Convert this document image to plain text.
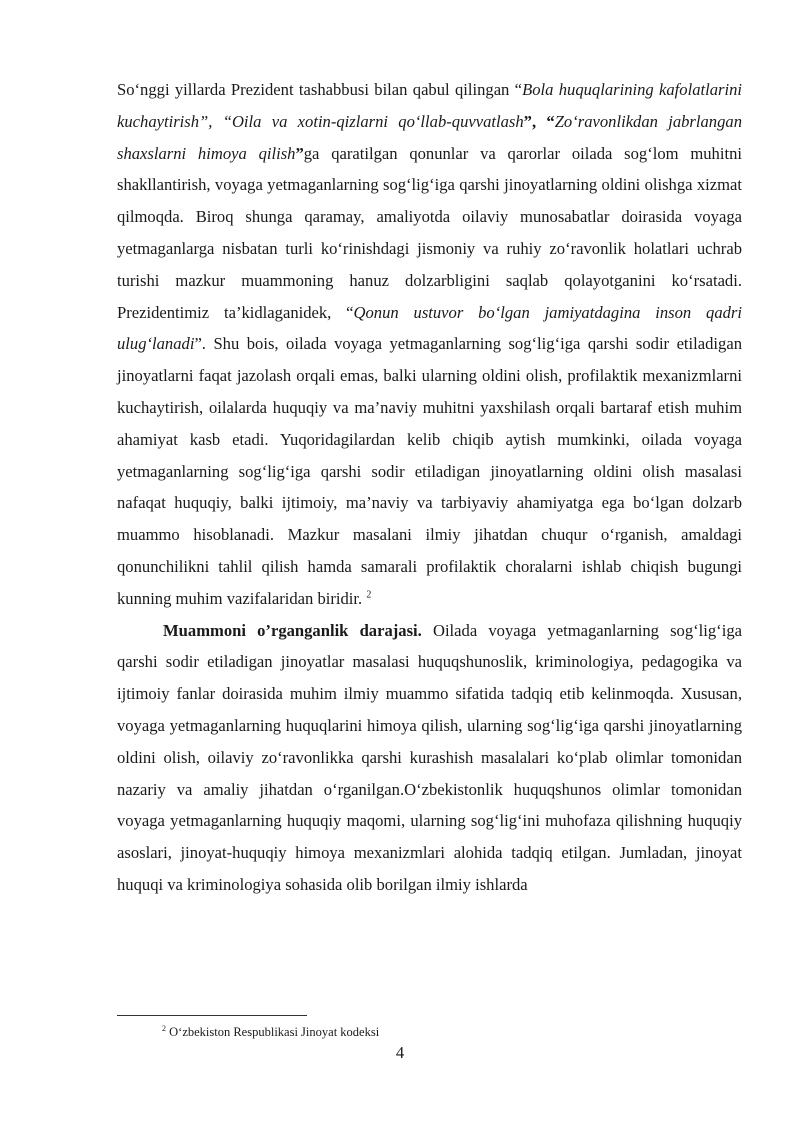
So‘nggi yillarda Prezident tashabbusi bilan qabul qilingan “Bola huquqlarining kafolatlarini kuchaytirish”, “Oila va xotin-qizlarni qo‘llab-quvvatlash”, “Zo‘ravonlikdan jabrlangan shaxslarni himoya qilish”ga qaratilgan qonunlar va qarorlar oilada sog‘lom muhitni shakllantirish, voyaga yetmaganlarning sog‘lig‘iga qarshi jinoyatlarning oldini olishga xizmat qilmoqda. Biroq shunga qaramay, amaliyotda oilaviy munosabatlar doirasida voyaga yetmaganlarga nisbatan turli ko‘rinishdagi jismoniy va ruhiy zo‘ravonlik holatlari uchrab turishi mazkur muammoning hanuz dolzarbligini saqlab qolayotganini ko‘rsatadi. Prezidentimiz ta’kidlaganidek, “Qonun ustuvor bo‘lgan jamiyatdagina inson qadri ulug‘lanadi”. Shu bois, oilada voyaga yetmaganlarning sog‘lig‘iga qarshi sodir etiladigan jinoyatlarni faqat jazolash orqali emas, balki ularning oldini olish, profilaktik mexanizmlarni kuchaytirish, oilalarda huquqiy va ma’naviy muhitni yaxshilash orqali bartaraf etish muhim ahamiyat kasb etadi. Yuqoridagilardan kelib chiqib aytish mumkinki, oilada voyaga yetmaganlarning sog‘lig‘iga qarshi sodir etiladigan jinoyatlarning oldini olish masalasi nafaqat huquqiy, balki ijtimoiy, ma’naviy va tarbiyaviy ahamiyatga ega bo‘lgan dolzarb muammo hisoblanadi. Mazkur masalani ilmiy jihatdan chuqur o‘rganish, amaldagi qonunchilikni tahlil qilish hamda samarali profilaktik choralarni ishlab chiqish bugungi kunning muhim vazifalaridan biridir. $^2$

Muammoni o’rganganlik darajasi. Oilada voyaga yetmaganlarning sog‘lig‘iga qarshi sodir etiladigan jinoyatlar masalasi huquqshunoslik, kriminologiya, pedagogika va ijtimoiy fanlar doirasida muhim ilmiy muammo sifatida tadqiq etib kelinmoqda. Xususan, voyaga yetmaganlarning huquqlarini himoya qilish, ularning sog‘lig‘iga qarshi jinoyatlarning oldini olish, oilaviy zo‘ravonlikka qarshi kurashish masalalari ko‘plab olimlar tomonidan nazariy va amaliy jihatdan o‘rganilgan.O‘zbekistonlik huquqshunos olimlar tomonidan voyaga yetmaganlarning huquqiy maqomi, ularning sog‘lig‘ini muhofaza qilishning huquqiy asoslari, jinoyat-huquqiy himoya mexanizmlari alohida tadqiq etilgan. Jumladan, jinoyat huquqi va kriminologiya sohasida olib borilgan ilmiy ishlarda

$^2$ O‘zbekiston Respublikasi Jinoyat kodeksi
4
